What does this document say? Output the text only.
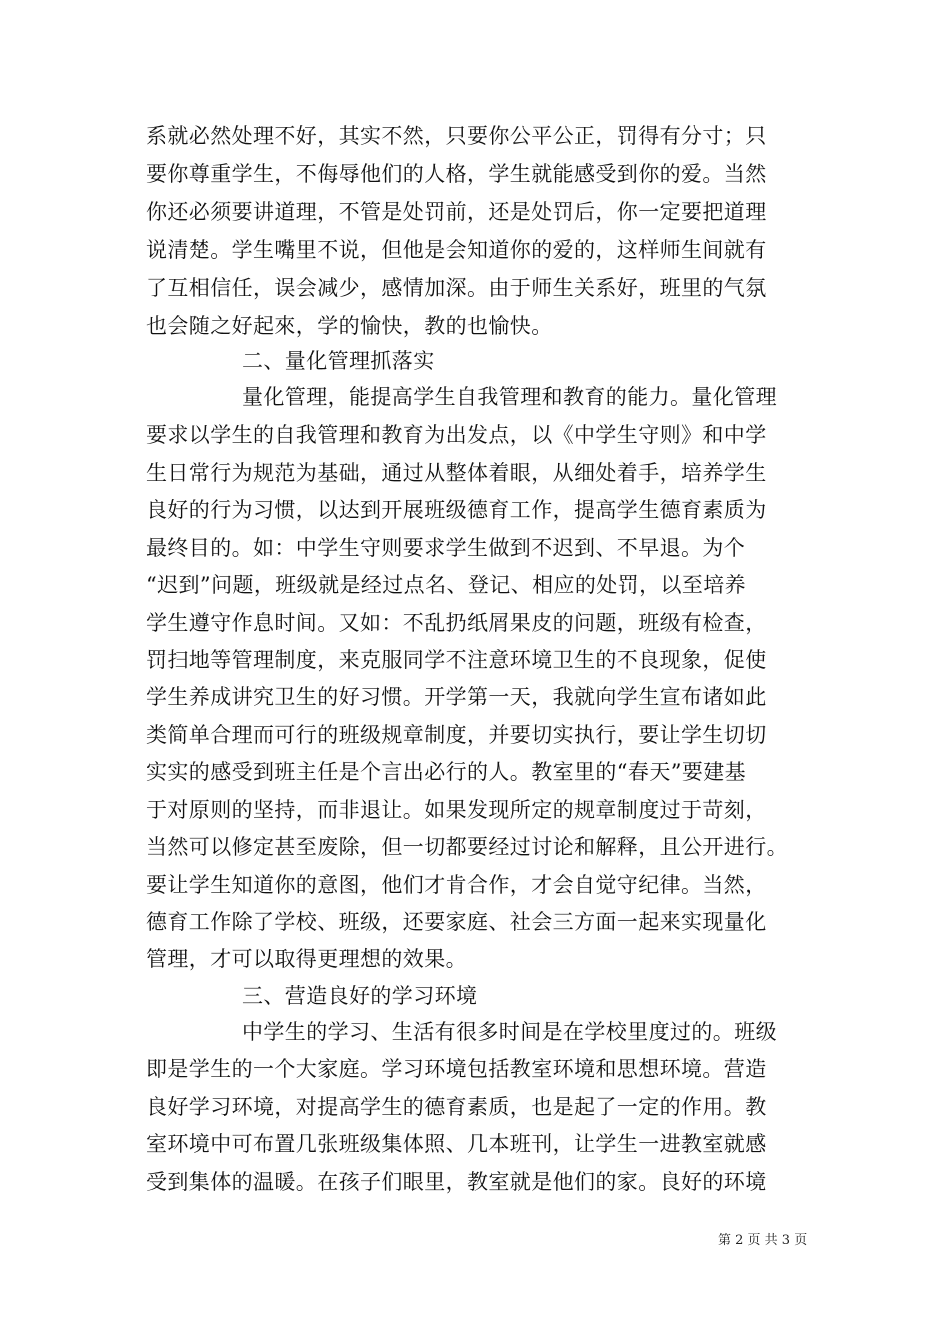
系就必然处理不好，其实不然，只要你公平公正，罚得有分寸；只
要你尊重学生，不侮辱他们的人格，学生就能感受到你的爱。当然
你还必须要讲道理，不管是处罚前，还是处罚后，你一定要把道理
说清楚。学生嘴里不说，但他是会知道你的爱的，这样师生间就有
了互相信任，误会减少，感情加深。由于师生关系好，班里的气氛
也会随之好起來，学的愉快，教的也愉快。
二、量化管理抓落实
量化管理，能提高学生自我管理和教育的能力。量化管理
要求以学生的自我管理和教育为出发点，以《中学生守则》和中学
生日常行为规范为基础，通过从整体着眼，从细处着手，培养学生
良好的行为习惯，以达到开展班级德育工作，提高学生德育素质为
最终目的。如：中学生守则要求学生做到不迟到、不早退。为个
“迟到”问题，班级就是经过点名、登记、相应的处罚，以至培养
学生遵守作息时间。又如：不乱扔纸屑果皮的问题，班级有检查，
罚扫地等管理制度，来克服同学不注意环境卫生的不良现象，促使
学生养成讲究卫生的好习惯。开学第一天，我就向学生宣布诸如此
类简单合理而可行的班级规章制度，并要切实执行，要让学生切切
实实的感受到班主任是个言出必行的人。教室里的“春天”要建基
于对原则的坚持，而非退让。如果发现所定的规章制度过于苛刻，
当然可以修定甚至废除，但一切都要经过讨论和解释，且公开进行。
要让学生知道你的意图，他们才肯合作，才会自觉守纪律。当然，
德育工作除了学校、班级，还要家庭、社会三方面一起来实现量化
管理，才可以取得更理想的效果。
三、营造良好的学习环境
中学生的学习、生活有很多时间是在学校里度过的。班级
即是学生的一个大家庭。学习环境包括教室环境和思想环境。营造
良好学习环境，对提高学生的德育素质，也是起了一定的作用。教
室环境中可布置几张班级集体照、几本班刊，让学生一进教室就感
受到集体的温暖。在孩子们眼里，教室就是他们的家。良好的环境
第 2 页 共 3 页
